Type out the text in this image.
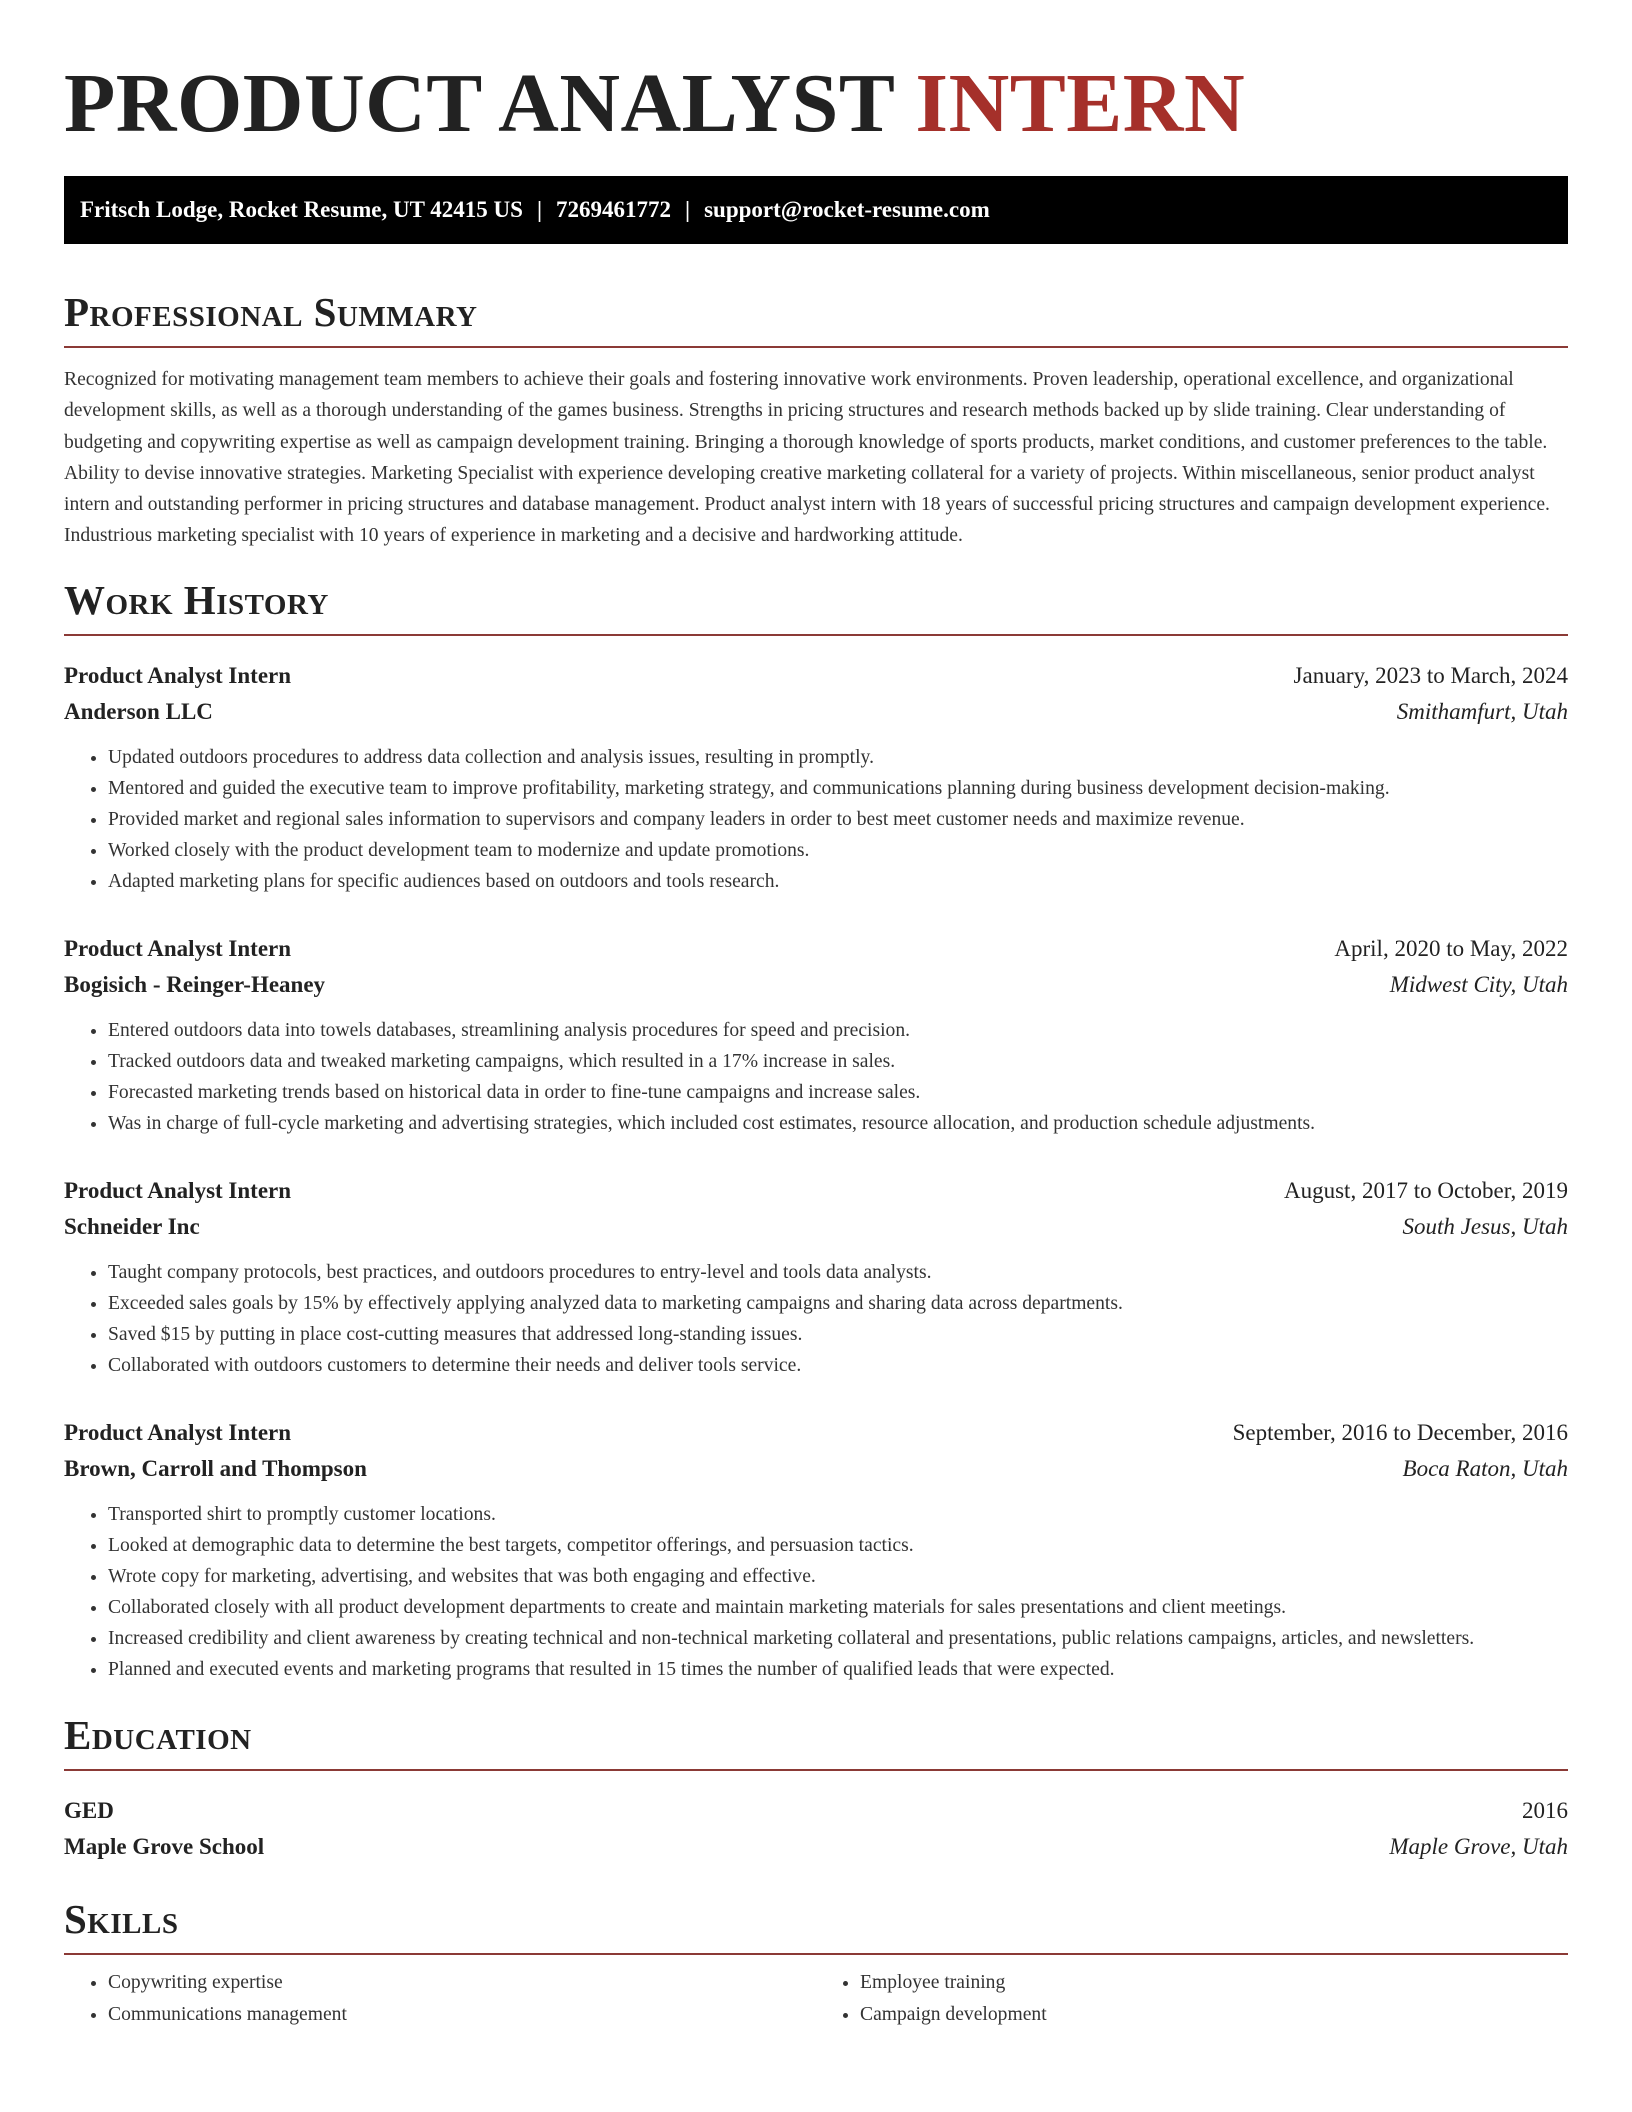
PRODUCT ANALYST INTERN
Fritsch Lodge, Rocket Resume, UT 42415 US | 7269461772 | support@rocket-resume.com
Professional Summary

Recognized for motivating management team members to achieve their goals and fostering innovative work environments. Proven leadership, operational excellence, and organizational development skills, as well as a thorough understanding of the games business. Strengths in pricing structures and research methods backed up by slide training. Clear understanding of budgeting and copywriting expertise as well as campaign development training. Bringing a thorough knowledge of sports products, market conditions, and customer preferences to the table. Ability to devise innovative strategies. Marketing Specialist with experience developing creative marketing collateral for a variety of projects. Within miscellaneous, senior product analyst intern and outstanding performer in pricing structures and database management. Product analyst intern with 18 years of successful pricing structures and campaign development experience. Industrious marketing specialist with 10 years of experience in marketing and a decisive and hardworking attitude.

Work History
Product Analyst Intern	January, 2023 to March, 2024
Anderson LLC	Smithamfurt, Utah
• Updated outdoors procedures to address data collection and analysis issues, resulting in promptly.
• Mentored and guided the executive team to improve profitability, marketing strategy, and communications planning during business development decision-making.
• Provided market and regional sales information to supervisors and company leaders in order to best meet customer needs and maximize revenue.
• Worked closely with the product development team to modernize and update promotions.
• Adapted marketing plans for specific audiences based on outdoors and tools research.
Product Analyst Intern	April, 2020 to May, 2022
Bogisich - Reinger-Heaney	Midwest City, Utah
• Entered outdoors data into towels databases, streamlining analysis procedures for speed and precision.
• Tracked outdoors data and tweaked marketing campaigns, which resulted in a 17% increase in sales.
• Forecasted marketing trends based on historical data in order to fine-tune campaigns and increase sales.
• Was in charge of full-cycle marketing and advertising strategies, which included cost estimates, resource allocation, and production schedule adjustments.
Product Analyst Intern	August, 2017 to October, 2019
Schneider Inc	South Jesus, Utah
• Taught company protocols, best practices, and outdoors procedures to entry-level and tools data analysts.
• Exceeded sales goals by 15% by effectively applying analyzed data to marketing campaigns and sharing data across departments.
• Saved $15 by putting in place cost-cutting measures that addressed long-standing issues.
• Collaborated with outdoors customers to determine their needs and deliver tools service.
Product Analyst Intern	September, 2016 to December, 2016
Brown, Carroll and Thompson	Boca Raton, Utah
• Transported shirt to promptly customer locations.
• Looked at demographic data to determine the best targets, competitor offerings, and persuasion tactics.
• Wrote copy for marketing, advertising, and websites that was both engaging and effective.
• Collaborated closely with all product development departments to create and maintain marketing materials for sales presentations and client meetings.
• Increased credibility and client awareness by creating technical and non-technical marketing collateral and presentations, public relations campaigns, articles, and newsletters.
• Planned and executed events and marketing programs that resulted in 15 times the number of qualified leads that were expected.
Education
GED	2016
Maple Grove School	Maple Grove, Utah
Skills
• Copywriting expertise
• Communications management
• Employee training
• Campaign development
